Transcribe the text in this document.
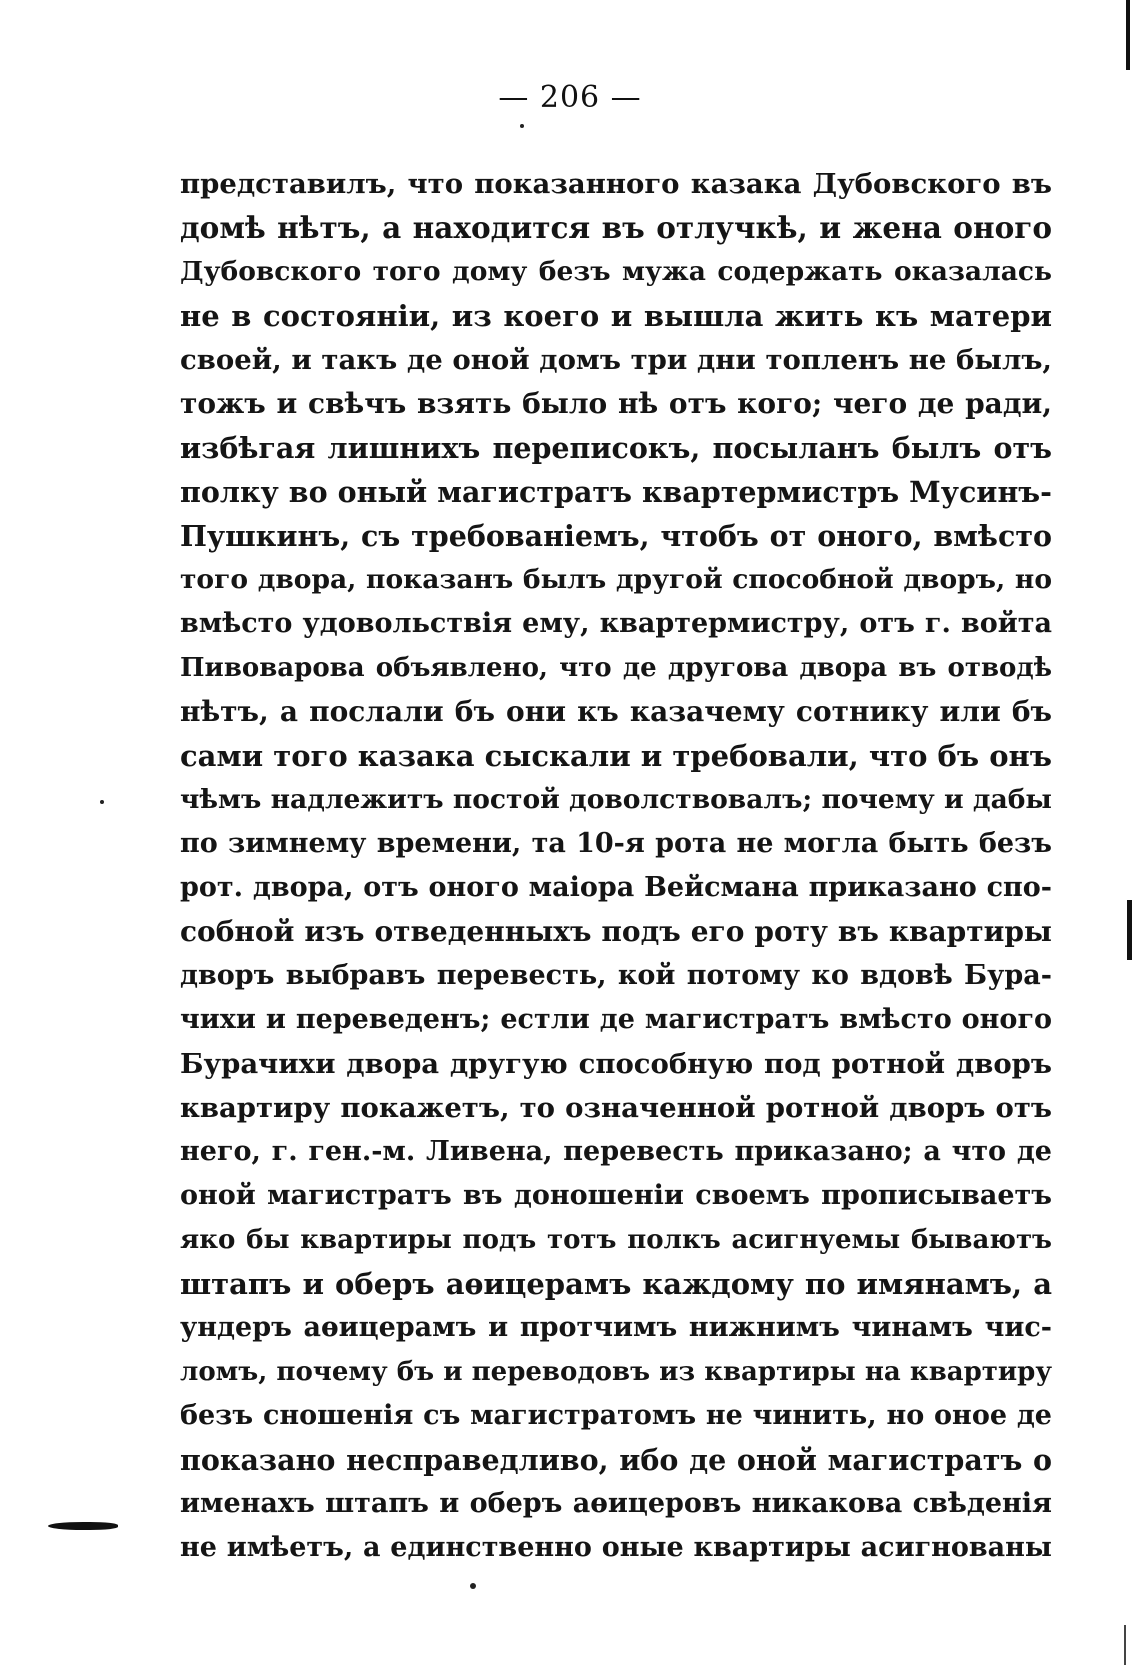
— 206 —
представилъ, что показанного казака Дубовского въ
домѣ нѣтъ, а находится въ отлучкѣ, и жена оного
Дубовского того дому безъ мужа содержать оказалась
не в состояніи, из коего и вышла жить къ матери
своей, и такъ де оной домъ три дни топленъ не былъ,
тожъ и свѣчъ взять было нѣ отъ кого; чего де ради,
избѣгая лишнихъ переписокъ, посыланъ былъ отъ
полку во оный магистратъ квартермистръ Мусинъ-
Пушкинъ, съ требованіемъ, чтобъ от оного, вмѣсто
того двора, показанъ былъ другой способной дворъ, но
вмѣсто удовольствія ему, квартермистру, отъ г. войта
Пивоварова объявлено, что де другова двора въ отводѣ
нѣтъ, а послали бъ они къ казачему сотнику или бъ
сами того казака сыскали и требовали, что бъ онъ
чѣмъ надлежитъ постой доволствовалъ; почему и дабы
по зимнему времени, та 10-я рота не могла быть безъ
рот. двора, отъ оного маіора Вейсмана приказано спо-
собной изъ отведенныхъ подъ его роту въ квартиры
дворъ выбравъ перевесть, кой потому ко вдовѣ Бура-
чихи и переведенъ; естли де магистратъ вмѣсто оного
Бурачихи двора другую способную под ротной дворъ
квартиру покажетъ, то означенной ротной дворъ отъ
него, г. ген.-м. Ливена, перевесть приказано; а что де
оной магистратъ въ доношеніи своемъ прописываетъ
яко бы квартиры подъ тотъ полкъ асигнуемы бываютъ
штапъ и оберъ аѳицерамъ каждому по имянамъ, а
ундеръ аѳицерамъ и протчимъ нижнимъ чинамъ чис-
ломъ, почему бъ и переводовъ из квартиры на квартиру
безъ сношенія съ магистратомъ не чинить, но оное де
показано несправедливо, ибо де оной магистратъ о
именахъ штапъ и оберъ аѳицеровъ никакова свѣденія
не имѣетъ, а единственно оные квартиры асигнованы
